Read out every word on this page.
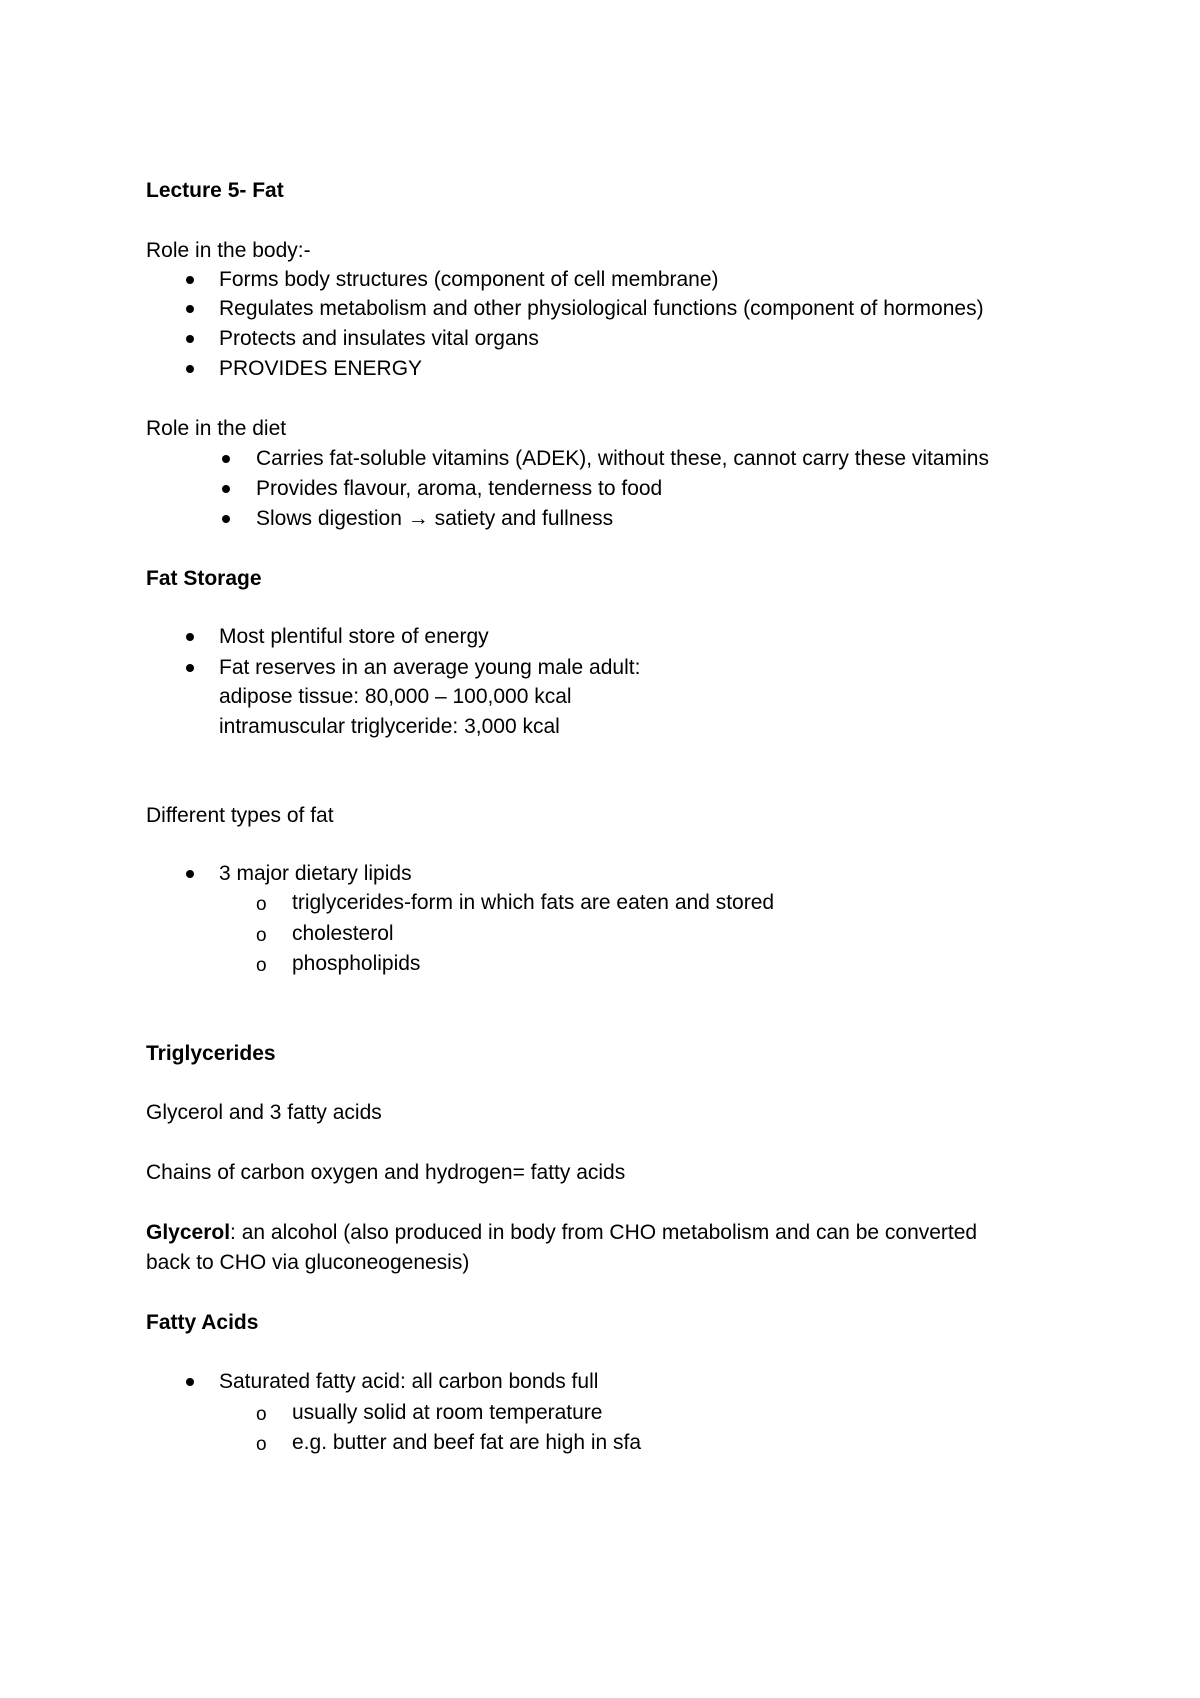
Lecture 5- Fat
Role in the body:-
Forms body structures (component of cell membrane)
Regulates metabolism and other physiological functions (component of hormones)
Protects and insulates vital organs
PROVIDES ENERGY
Role in the diet
Carries fat-soluble vitamins (ADEK), without these, cannot carry these vitamins
Provides flavour, aroma, tenderness to food
Slows digestion → satiety and fullness
Fat Storage
Most plentiful store of energy
Fat reserves in an average young male adult:
adipose tissue: 80,000 – 100,000 kcal
intramuscular triglyceride: 3,000 kcal
Different types of fat
3 major dietary lipids
o triglycerides-form in which fats are eaten and stored
o cholesterol
o phospholipids
Triglycerides
Glycerol and 3 fatty acids
Chains of carbon oxygen and hydrogen= fatty acids
Glycerol: an alcohol (also produced in body from CHO metabolism and can be converted
back to CHO via gluconeogenesis)
Fatty Acids
Saturated fatty acid: all carbon bonds full
o usually solid at room temperature
o e.g. butter and beef fat are high in sfa
